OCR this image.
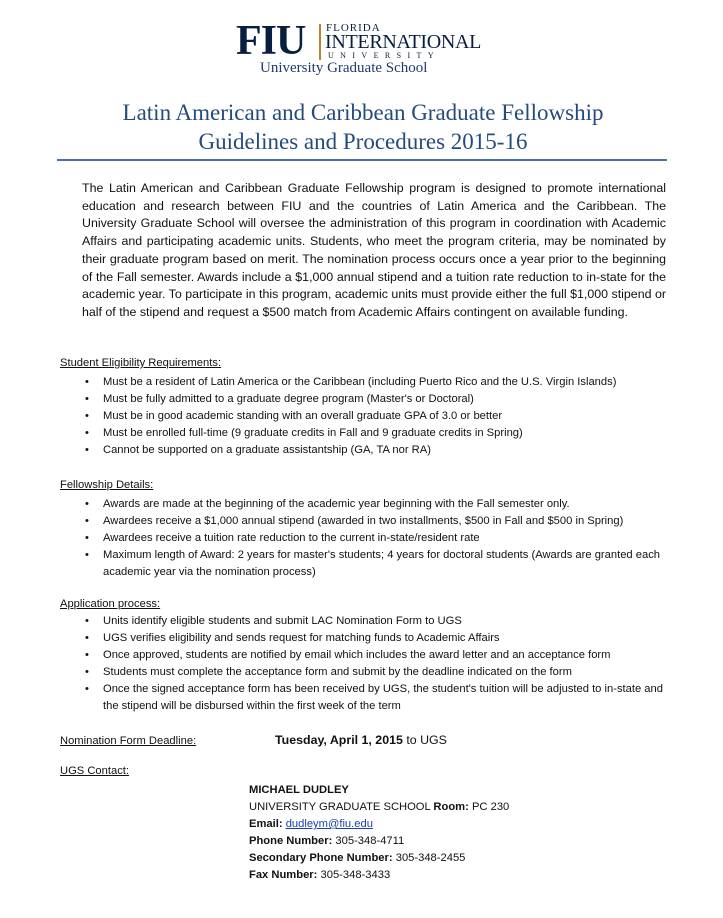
FIU FLORIDA
INTERNATIONAL
UNIVERSITY
University Graduate School
Latin American and Caribbean Graduate Fellowship
Guidelines and Procedures 2015-16

The Latin American and Caribbean Graduate Fellowship program is designed to promote international education and research between FIU and the countries of Latin America and the Caribbean. The University Graduate School will oversee the administration of this program in coordination with Academic Affairs and participating academic units. Students, who meet the program criteria, may be nominated by their graduate program based on merit. The nomination process occurs once a year prior to the beginning of the Fall semester. Awards include a $1,000 annual stipend and a tuition rate reduction to in-state for the academic year. To participate in this program, academic units must provide either the full $1,000 stipend or half of the stipend and request a $500 match from Academic Affairs contingent on available funding.

Student Eligibility Requirements:
• Must be a resident of Latin America or the Caribbean (including Puerto Rico and the U.S. Virgin Islands)
• Must be fully admitted to a graduate degree program (Master's or Doctoral)
• Must be in good academic standing with an overall graduate GPA of 3.0 or better
• Must be enrolled full-time (9 graduate credits in Fall and 9 graduate credits in Spring)
• Cannot be supported on a graduate assistantship (GA, TA nor RA)
Fellowship Details:
• Awards are made at the beginning of the academic year beginning with the Fall semester only.
• Awardees receive a $1,000 annual stipend (awarded in two installments, $500 in Fall and $500 in Spring)
• Awardees receive a tuition rate reduction to the current in-state/resident rate
• Maximum length of Award: 2 years for master's students; 4 years for doctoral students (Awards are granted each academic year via the nomination process)
Application process:
• Units identify eligible students and submit LAC Nomination Form to UGS
• UGS verifies eligibility and sends request for matching funds to Academic Affairs
• Once approved, students are notified by email which includes the award letter and an acceptance form
• Students must complete the acceptance form and submit by the deadline indicated on the form
• Once the signed acceptance form has been received by UGS, the student's tuition will be adjusted to in-state and the stipend will be disbursed within the first week of the term
Nomination Form Deadline:	Tuesday, April 1, 2015 to UGS
UGS Contact:
MICHAEL DUDLEY
UNIVERSITY GRADUATE SCHOOL Room: PC 230
Email: dudleym@fiu.edu
Phone Number: 305-348-4711
Secondary Phone Number: 305-348-2455
Fax Number: 305-348-3433
